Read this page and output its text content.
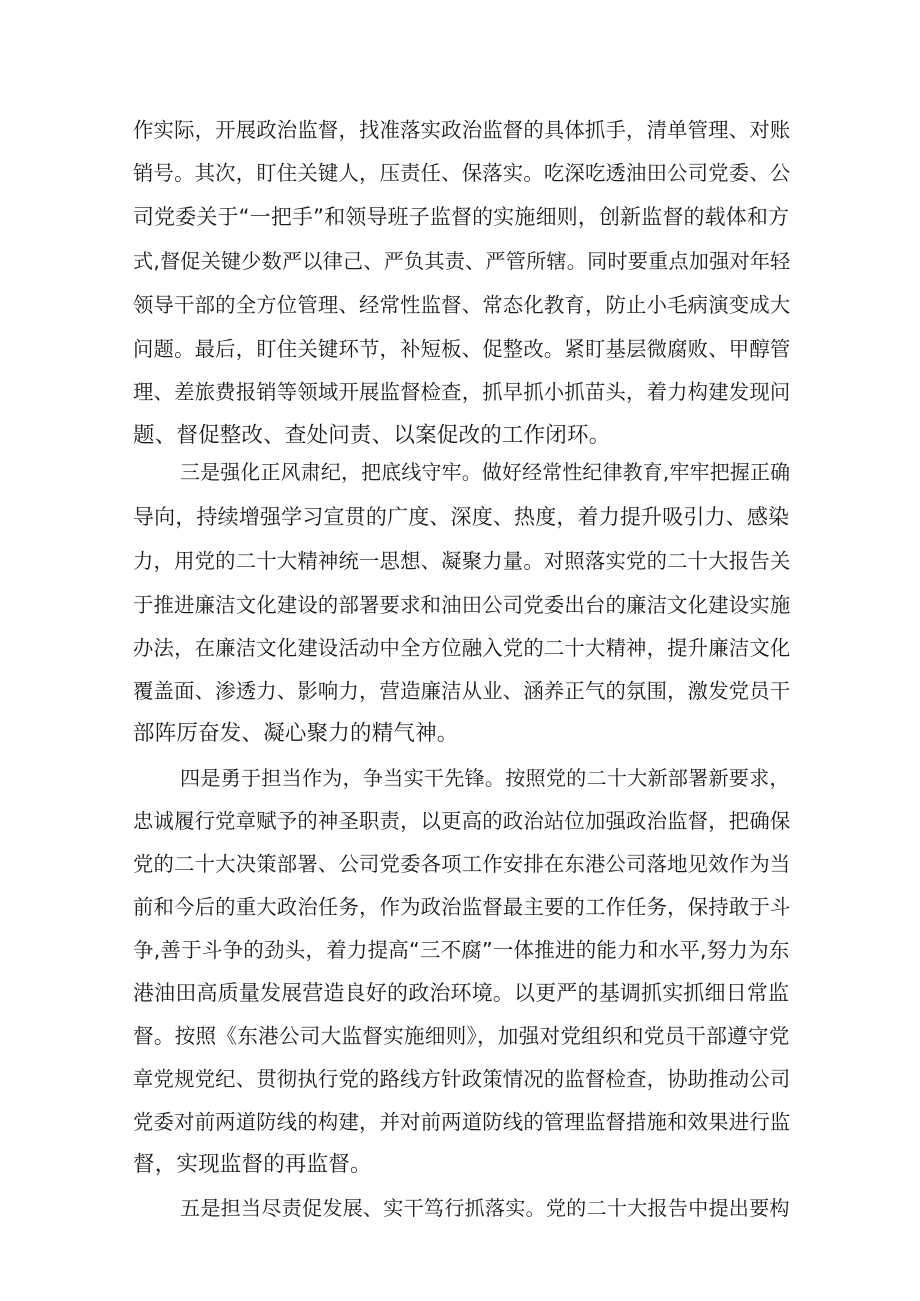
作实际，开展政治监督，找准落实政治监督的具体抓手，清单管理、对账
销号。其次，盯住关键人，压责任、保落实。吃深吃透油田公司党委、公
司党委关于“一把手”和领导班子监督的实施细则，创新监督的载体和方
式,督促关键少数严以律己、严负其责、严管所辖。同时要重点加强对年轻
领导干部的全方位管理、经常性监督、常态化教育，防止小毛病演变成大
问题。最后，盯住关键环节，补短板、促整改。紧盯基层微腐败、甲醇管
理、差旅费报销等领域开展监督检查，抓早抓小抓苗头，着力构建发现问
题、督促整改、查处问责、以案促改的工作闭环。
三是强化正风肃纪，把底线守牢。做好经常性纪律教育,牢牢把握正确
导向，持续增强学习宣贯的广度、深度、热度，着力提升吸引力、感染
力，用党的二十大精神统一思想、凝聚力量。对照落实党的二十大报告关
于推进廉洁文化建设的部署要求和油田公司党委出台的廉洁文化建设实施
办法，在廉洁文化建设活动中全方位融入党的二十大精神，提升廉洁文化
覆盖面、渗透力、影响力，营造廉洁从业、涵养正气的氛围，激发党员干
部阵厉奋发、凝心聚力的精气神。
四是勇于担当作为，争当实干先锋。按照党的二十大新部署新要求，
忠诚履行党章赋予的神圣职责，以更高的政治站位加强政治监督，把确保
党的二十大决策部署、公司党委各项工作安排在东港公司落地见效作为当
前和今后的重大政治任务，作为政治监督最主要的工作任务，保持敢于斗
争,善于斗争的劲头，着力提高“三不腐”一体推进的能力和水平,努力为东
港油田高质量发展营造良好的政治环境。以更严的基调抓实抓细日常监
督。按照《东港公司大监督实施细则》，加强对党组织和党员干部遵守党
章党规党纪、贯彻执行党的路线方针政策情况的监督检查，协助推动公司
党委对前两道防线的构建，并对前两道防线的管理监督措施和效果进行监
督，实现监督的再监督。
五是担当尽责促发展、实干笃行抓落实。党的二十大报告中提出要构
